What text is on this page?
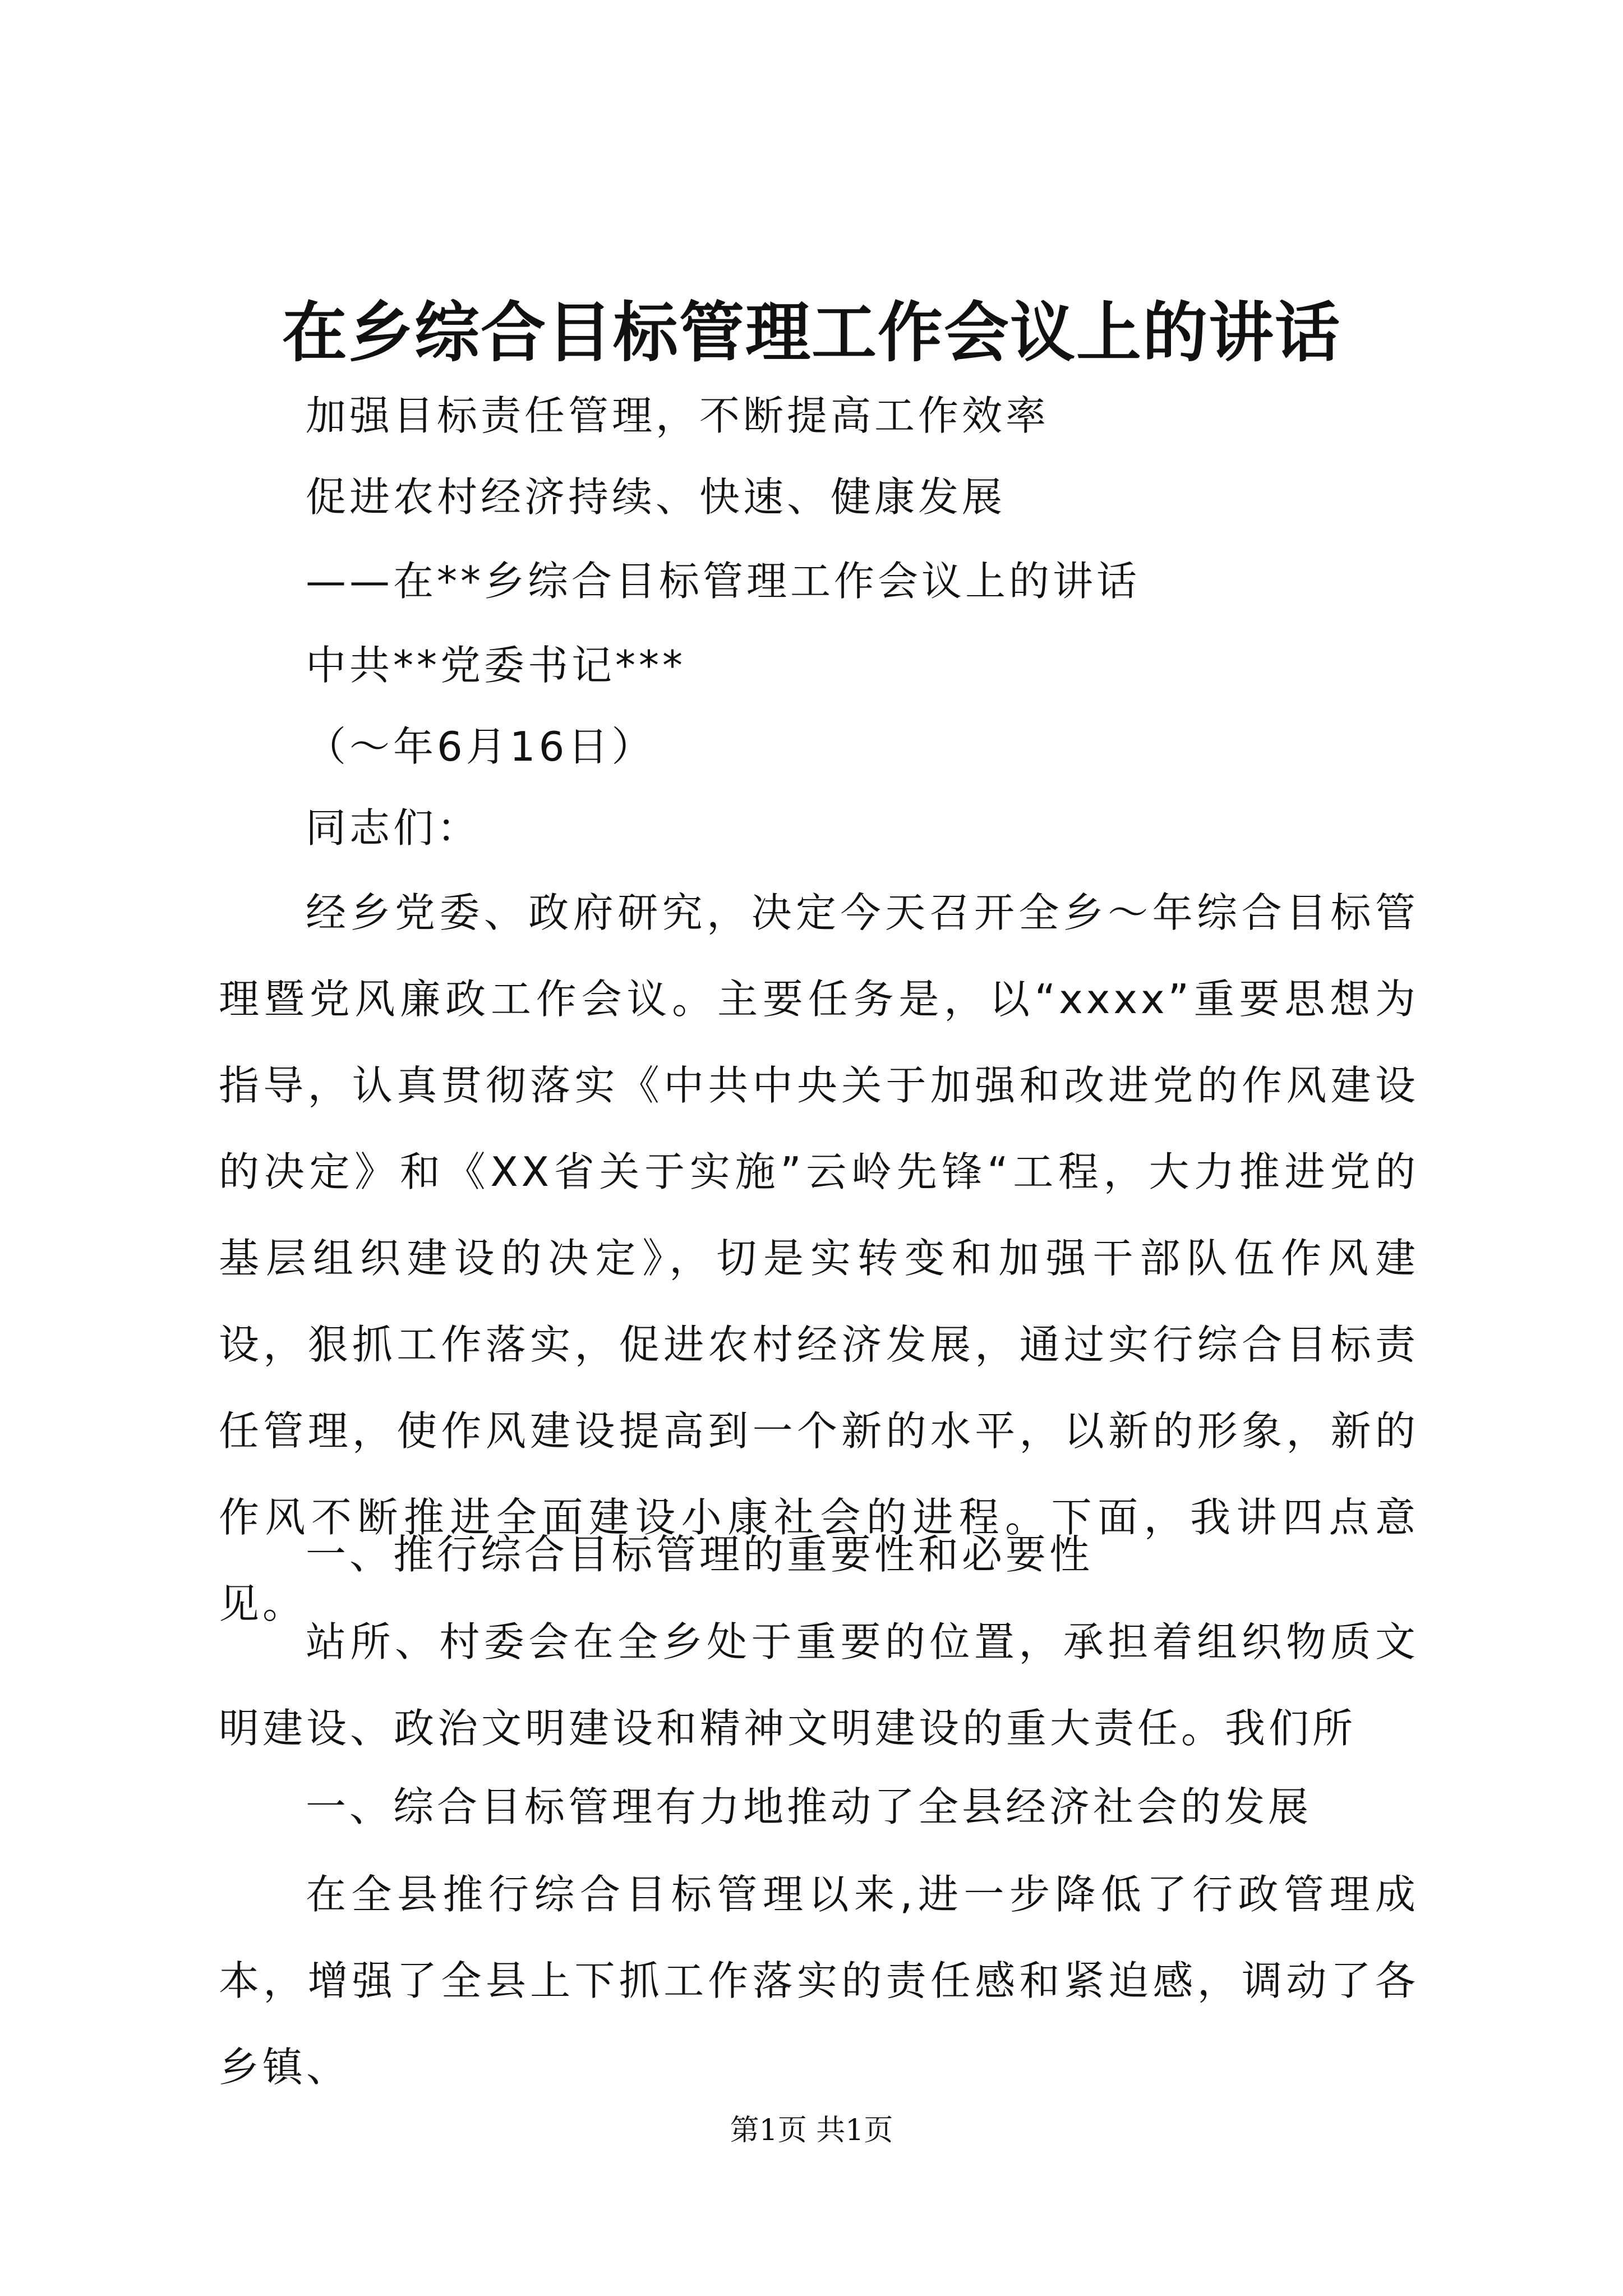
在乡综合目标管理工作会议上的讲话
加强目标责任管理，不断提高工作效率
促进农村经济持续、快速、健康发展
——在**乡综合目标管理工作会议上的讲话
中共**党委书记***
（～年6月16日）
同志们：
经乡党委、政府研究，决定今天召开全乡～年综合目标管理暨党风廉政工作会议。主要任务是，以“xxxx”重要思想为指导，认真贯彻落实《中共中央关于加强和改进党的作风建设的决定》和《XX省关于实施”云岭先锋“工程，大力推进党的基层组织建设的决定》，切是实转变和加强干部队伍作风建设，狠抓工作落实，促进农村经济发展，通过实行综合目标责任管理，使作风建设提高到一个新的水平，以新的形象，新的作风不断推进全面建设小康社会的进程。下面，我讲四点意见。
一、推行综合目标管理的重要性和必要性
站所、村委会在全乡处于重要的位置，承担着组织物质文明建设、政治文明建设和精神文明建设的重大责任。我们所
一、综合目标管理有力地推动了全县经济社会的发展
在全县推行综合目标管理以来,进一步降低了行政管理成本，增强了全县上下抓工作落实的责任感和紧迫感，调动了各乡镇、
第1页 共1页
